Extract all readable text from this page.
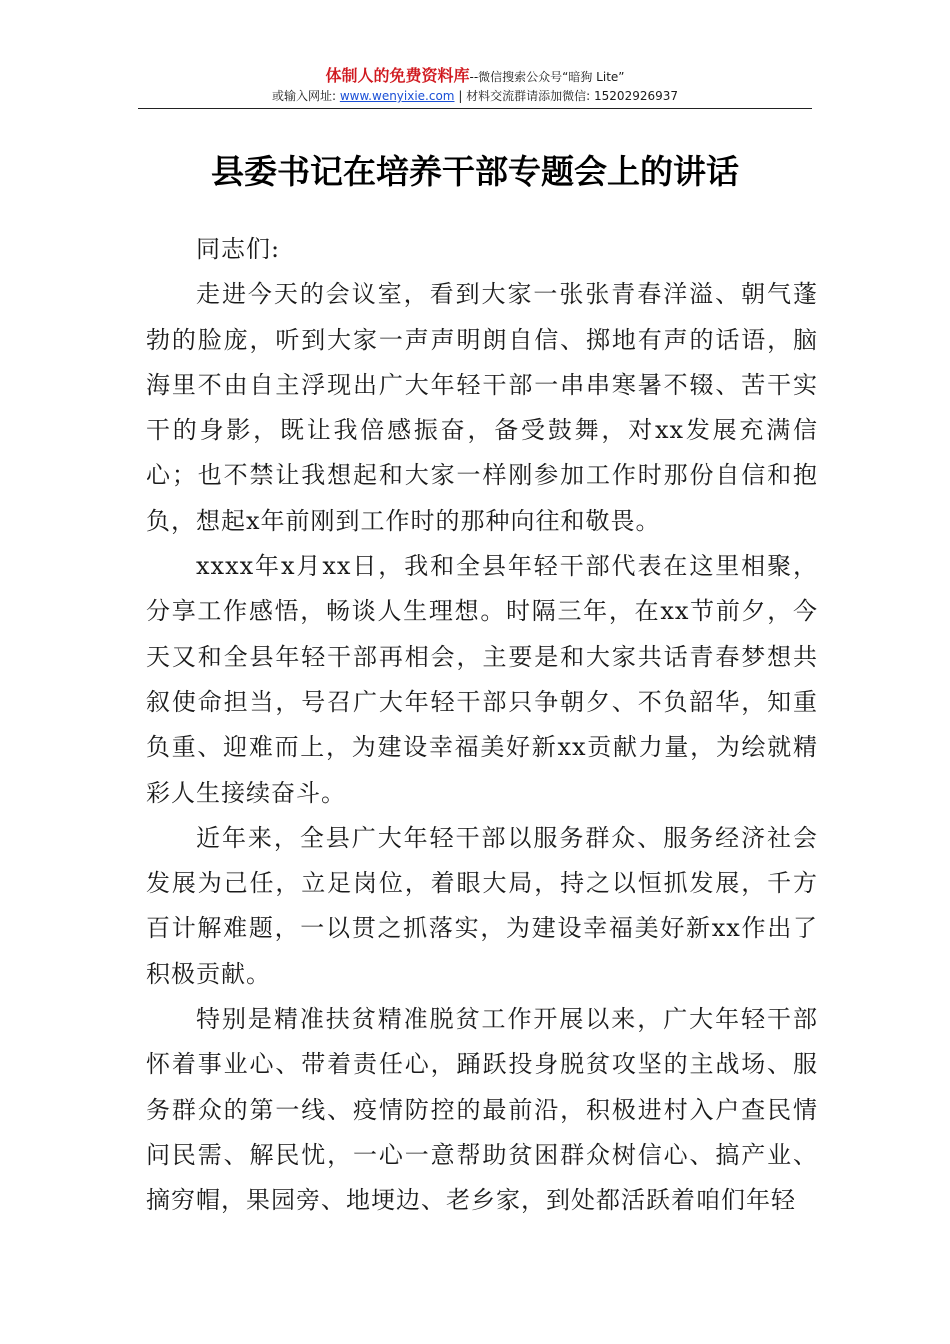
体制人的免费资料库--微信搜索公众号“暗狗 Lite”
或输入网址: www.wenyixie.com | 材料交流群请添加微信: 15202926937
县委书记在培养干部专题会上的讲话

同志们:

走进今天的会议室，看到大家一张张青春洋溢、朝气蓬勃的脸庞，听到大家一声声明朗自信、掷地有声的话语，脑海里不由自主浮现出广大年轻干部一串串寒暑不辍、苦干实干的身影，既让我倍感振奋，备受鼓舞，对xx发展充满信心；也不禁让我想起和大家一样刚参加工作时那份自信和抱负，想起x年前刚到工作时的那种向往和敬畏。

xxxx年x月xx日，我和全县年轻干部代表在这里相聚，分享工作感悟，畅谈人生理想。时隔三年，在xx节前夕，今天又和全县年轻干部再相会，主要是和大家共话青春梦想共叙使命担当，号召广大年轻干部只争朝夕、不负韶华，知重负重、迎难而上，为建设幸福美好新xx贡献力量，为绘就精彩人生接续奋斗。

近年来，全县广大年轻干部以服务群众、服务经济社会发展为己任，立足岗位，着眼大局，持之以恒抓发展，千方百计解难题，一以贯之抓落实，为建设幸福美好新xx作出了积极贡献。

特别是精准扶贫精准脱贫工作开展以来，广大年轻干部怀着事业心、带着责任心，踊跃投身脱贫攻坚的主战场、服务群众的第一线、疫情防控的最前沿，积极进村入户查民情问民需、解民忧，一心一意帮助贫困群众树信心、搞产业、摘穷帽，果园旁、地埂边、老乡家，到处都活跃着咱们年轻
